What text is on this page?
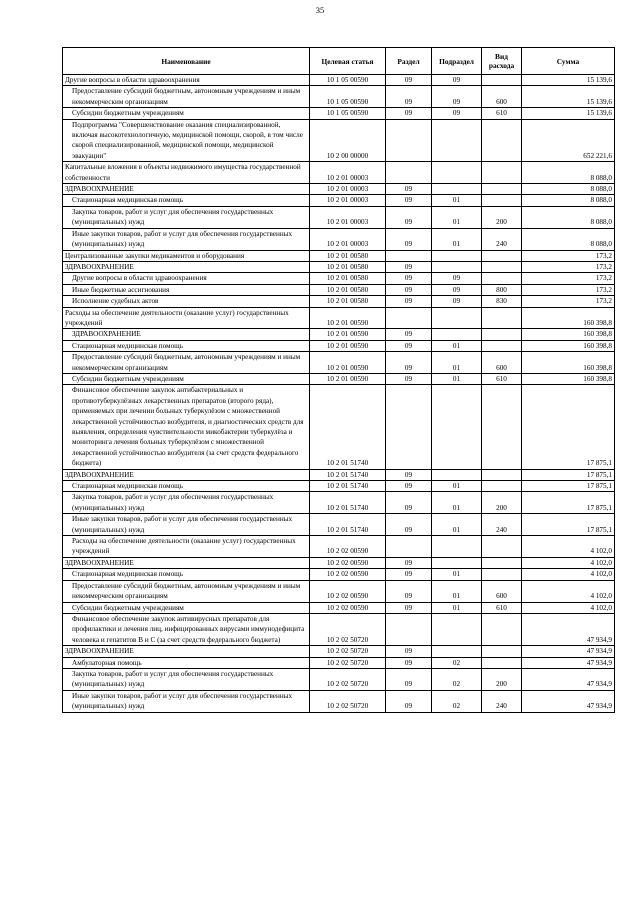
35
Наименование	Целевая статья	Раздел	Подраздел	Вид расхода	Сумма
Другие вопросы в области здравоохранения	10 1 05 00590	09	09		15 139,6
Предоставление субсидий бюджетным, автономным учреждениям и иным некоммерческим организациям	10 1 05 00590	09	09	600	15 139,6
Субсидии бюджетным учреждениям	10 1 05 00590	09	09	610	15 139,6
Подпрограмма "Совершенствование оказания специализированной, включая высокотехнологичную, медицинской помощи, скорой, в том числе скорой специализированной, медицинской помощи, медицинской эвакуации"	10 2 00 00000				652 221,6
Капитальные вложения в объекты недвижимого имущества государственной собственности	10 2 01 00003				8 088,0
ЗДРАВООХРАНЕНИЕ	10 2 01 00003	09			8 088,0
Стационарная медицинская помощь	10 2 01 00003	09	01		8 088,0
Закупка товаров, работ и услуг для обеспечения государственных (муниципальных) нужд	10 2 01 00003	09	01	200	8 088,0
Иные закупки товаров, работ и услуг для обеспечения государственных (муниципальных) нужд	10 2 01 00003	09	01	240	8 088,0
Централизованные закупки медикаментов и оборудования	10 2 01 00580				173,2
ЗДРАВООХРАНЕНИЕ	10 2 01 00580	09			173,2
Другие вопросы в области здравоохранения	10 2 01 00580	09	09		173,2
Иные бюджетные ассигнования	10 2 01 00580	09	09	800	173,2
Исполнение судебных актов	10 2 01 00580	09	09	830	173,2
Расходы на обеспечение деятельности (оказание услуг) государственных учреждений	10 2 01 00590				160 398,8
ЗДРАВООХРАНЕНИЕ	10 2 01 00590	09			160 398,8
Стационарная медицинская помощь	10 2 01 00590	09	01		160 398,8
Предоставление субсидий бюджетным, автономным учреждениям и иным некоммерческим организациям	10 2 01 00590	09	01	600	160 398,8
Субсидии бюджетным учреждениям	10 2 01 00590	09	01	610	160 398,8
Финансовое обеспечение закупок антибактериальных и противотуберкулёзных лекарственных препаратов (второго ряда), применяемых при лечении больных туберкулёзом с множественной лекарственной устойчивостью возбудителя, и диагностических средств для выявления, определения чувствительности микобактерии туберкулёза и мониторинга лечения больных туберкулёзом с множественной лекарственной устойчивостью возбудителя (за счет средств федерального бюджета)	10 2 01 51740				17 875,1
ЗДРАВООХРАНЕНИЕ	10 2 01 51740	09			17 875,1
Стационарная медицинская помощь	10 2 01 51740	09	01		17 875,1
Закупка товаров, работ и услуг для обеспечения государственных (муниципальных) нужд	10 2 01 51740	09	01	200	17 875,1
Иные закупки товаров, работ и услуг для обеспечения государственных (муниципальных) нужд	10 2 01 51740	09	01	240	17 875,1
Расходы на обеспечение деятельности (оказание услуг) государственных учреждений	10 2 02 00590				4 102,0
ЗДРАВООХРАНЕНИЕ	10 2 02 00590	09			4 102,0
Стационарная медицинская помощь	10 2 02 00590	09	01		4 102,0
Предоставление субсидий бюджетным, автономным учреждениям и иным некоммерческим организациям	10 2 02 00590	09	01	600	4 102,0
Субсидии бюджетным учреждениям	10 2 02 00590	09	01	610	4 102,0
Финансовое обеспечение закупок антивирусных препаратов для профилактики и лечения лиц, инфицированных вирусами иммунодефицита человека и гепатитов В и С (за счет средств федерального бюджета)	10 2 02 50720				47 934,9
ЗДРАВООХРАНЕНИЕ	10 2 02 50720	09			47 934,9
Амбулаторная помощь	10 2 02 50720	09	02		47 934,9
Закупка товаров, работ и услуг для обеспечения государственных (муниципальных) нужд	10 2 02 50720	09	02	200	47 934,9
Иные закупки товаров, работ и услуг для обеспечения государственных (муниципальных) нужд	10 2 02 50720	09	02	240	47 934,9
